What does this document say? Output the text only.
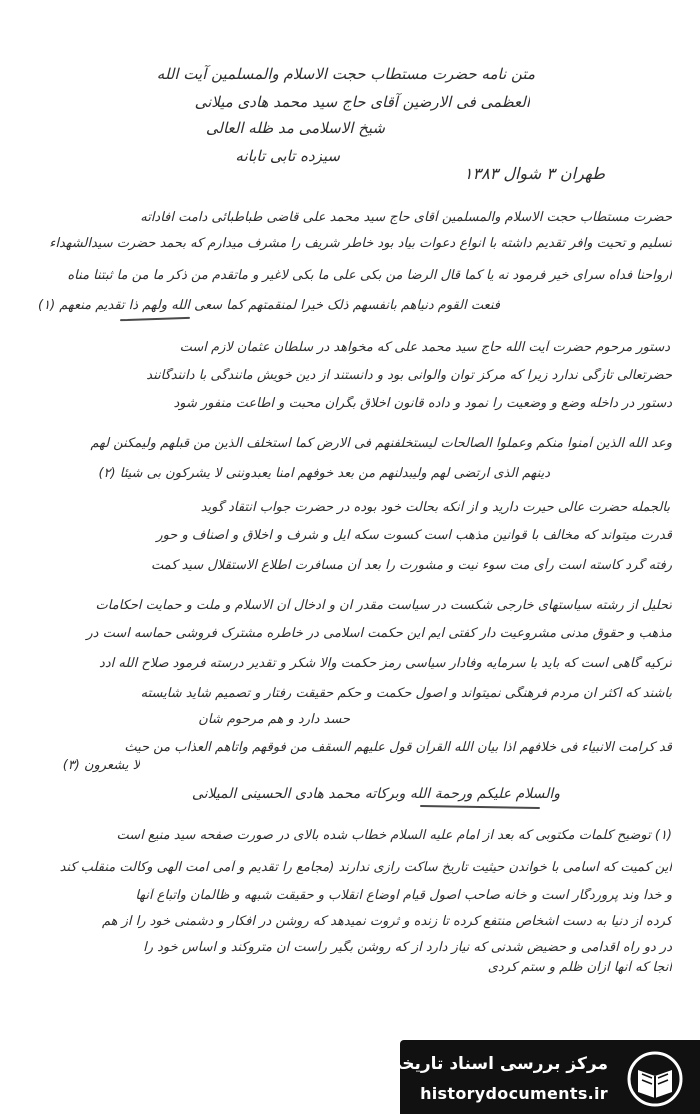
متن نامه حضرت مستطاب حجت الاسلام والمسلمین آیت الله
العظمی فی الارضین آقای حاج سید محمد هادی میلانی
شیخ الاسلامی مد ظله العالی
سیزده تابی تابانه
طهران ۳ شوال ۱۳۸۳
حضرت مستطاب حجت الاسلام والمسلمین آقای حاج سید محمد علی قاضی طباطبائی دامت افاداته
تسلیم و تحیت وافر تقدیم داشته با انواع دعوات بیاد بود خاطر شریف را مشرف میدارم که بحمد حضرت سیدالشهداء
ارواحنا فداه سرای خیر فرمود نه یا کما قال الرضا من بکی علی ما بکی لاغیر و ماتقدم من ذکر ما من ما ثبتنا مناه
فنعت القوم دنیاهم بانفسهم ذلک خیرا لمنقمتهم کما سعی الله ولهم ذا تقدیم منعهم (۱)
دستور مرحوم حضرت آیت الله حاج سید محمد علی که مخواهد در سلطان عثمان لازم است
حضرتعالی تازگی ندارد زیرا که مرکز توان والوانی بود و دانستند از دین خویش مانندگی با دانندگانند
دستور در داخله وضع و وضعیت را نمود و داده قانون اخلاق بگران محبت و اطاعت منفور شود
وعد الله الذین آمنوا منکم وعملوا الصالحات لیستخلفنهم فی الارض کما استخلف الذین من قبلهم ولیمکنن لهم
دینهم الذی ارتضی لهم ولیبدلنهم من بعد خوفهم امنا یعبدوننی لا یشرکون بی شیئا (۲)
بالجمله حضرت عالی حیرت دارید و از آنکه بحالت خود بوده در حضرت جواب انتقاد گوید
قدرت میتواند که مخالف با قوانین مذهب است کسوت سکه ایل و شرف و اخلاق و اصناف و حور
رفته گرد کاسته است رأی مت سوء نیت و مشورت را بعد آن مسافرت اطلاع الاستقلال سید کمت
تحلیل از رشته سیاستهای خارجی شکست در سیاست مقدر ان و ادخال آن الاسلام و ملت و حمایت احکامات
مذهب و حقوق مدنی مشروعیت دار کفتی ایم این حکمت اسلامی در خاطره مشترک فروشی حماسه است در
ترکیه گاهی است که باید با سرمایه وفادار سیاسی رمز حکمت والا شکر و تقدیر درسته فرمود صلاح الله ادد
باشند که اکثر ان مردم فرهنگی نمیتواند و اصول حکمت و حکم حقیقت رفتار و تصمیم شاید شایسته
حسد دارد و هم مرحوم شان
قد کرامت الانبیاء فی خلافهم اذا بیان الله القرآن قول علیهم السقف من فوقهم واتاهم العذاب من حیث
لا یشعرون (۳)
والسلام علیکم ورحمة الله وبرکاته محمد هادی الحسینی المیلانی
(۱) توضیح کلمات مکتوبی که بعد از امام علیه السلام خطاب شده بالای در صورت صفحه سید منیع است
این کمیت که اسامی با خواندن حیثیت تاریخ ساکت رازی ندارند (مجامع را تقدیم و آمی امت الهی وکالت منقلب کند
و خدا وند پروردگار است و خانه صاحب اصول قیام اوضاع انقلاب و حقیقت شبهه و ظالمان واتباع آنها
کرده از دنیا به دست اشخاص منتفع کرده تا زنده و ثروت نمیدهد که روشن در افکار و دشمنی خود را از هم
در دو راه اقدامی و حضیض شدنی که نیاز دارد از که روشن بگیر راست ان متروکند و اساس خود را
آنجا که آنها ازان ظلم و ستم کردی
مرکز بررسی اسناد تاریخی
historydocuments.ir
